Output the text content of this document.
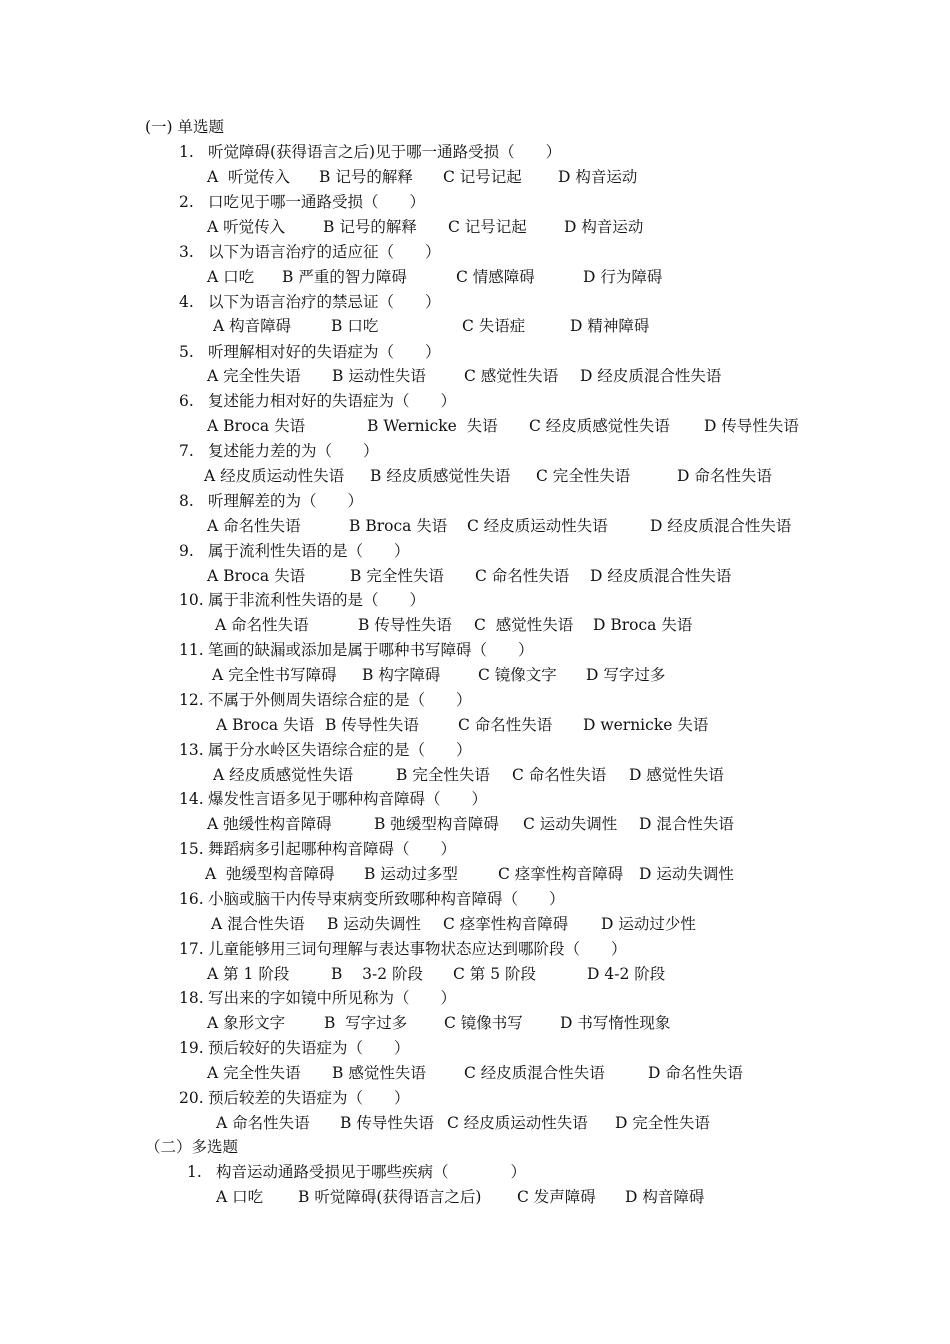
(一) 单选题
（二）多选题
1. 听觉障碍(获得语言之后)见于哪一通路受损（　　）
A  听觉传入 B 记号的解释 C 记号记起 D 构音运动
2. 口吃见于哪一通路受损（　　）
A 听觉传入 B 记号的解释 C 记号记起 D 构音运动
3. 以下为语言治疗的适应征（　　）
A 口吃 B 严重的智力障碍	C 情感障碍	D 行为障碍
4. 以下为语言治疗的禁忌证（　　）
A 构音障碍	B 口吃	C 失语症	D 精神障碍
5. 听理解相对好的失语症为（　　）
A 完全性失语 B 运动性失语 C 感觉性失语 D 经皮质混合性失语
6. 复述能力相对好的失语症为（　　）
A Broca 失语	B Wernicke  失语 C 经皮质感觉性失语 D 传导性失语
7. 复述能力差的为（　　）
A 经皮质运动性失语 B 经皮质感觉性失语 C 完全性失语	D 命名性失语
8. 听理解差的为（　　）
A 命名性失语	B Broca 失语 C 经皮质运动性失语	D 经皮质混合性失语
9. 属于流利性失语的是（　　）
A Broca 失语	B 完全性失语 C 命名性失语 D 经皮质混合性失语
10. 属于非流利性失语的是（　　）
A 命名性失语	B 传导性失语 C  感觉性失语 D Broca 失语
11. 笔画的缺漏或添加是属于哪种书写障碍（　　）
A 完全性书写障碍 B 构字障碍 C 镜像文字 D 写字过多
12. 不属于外侧周失语综合症的是（　　）
A Broca 失语 B 传导性失语	C 命名性失语 D wernicke 失语
13. 属于分水岭区失语综合症的是（　　）
A 经皮质感觉性失语	B 完全性失语 C 命名性失语 D 感觉性失语
14. 爆发性言语多见于哪种构音障碍（　　）
A 弛缓性构音障碍	B 弛缓型构音障碍 C 运动失调性 D 混合性失语
15. 舞蹈病多引起哪种构音障碍（　　）
A  弛缓型构音障碍 B 运动过多型	C 痉挛性构音障碍 D 运动失调性
16. 小脑或脑干内传导束病变所致哪种构音障碍（　　）
A 混合性失语 B 运动失调性 C 痉挛性构音障碍 D 运动过少性
17. 儿童能够用三词句理解与表达事物状态应达到哪阶段（　　）
A 第 1 阶段	B    3-2 阶段 C 第 5 阶段	D 4-2 阶段
18. 写出来的字如镜中所见称为（　　）
A 象形文字	B  写字过多 C 镜像书写 D 书写惰性现象
19. 预后较好的失语症为（　　）
A 完全性失语 B 感觉性失语 C 经皮质混合性失语	D 命名性失语
20. 预后较差的失语症为（　　）
A 命名性失语 B 传导性失语 C 经皮质运动性失语 D 完全性失语
1. 构音运动通路受损见于哪些疾病（　　　　）
A 口吃 B 听觉障碍(获得语言之后) C 发声障碍 D 构音障碍
